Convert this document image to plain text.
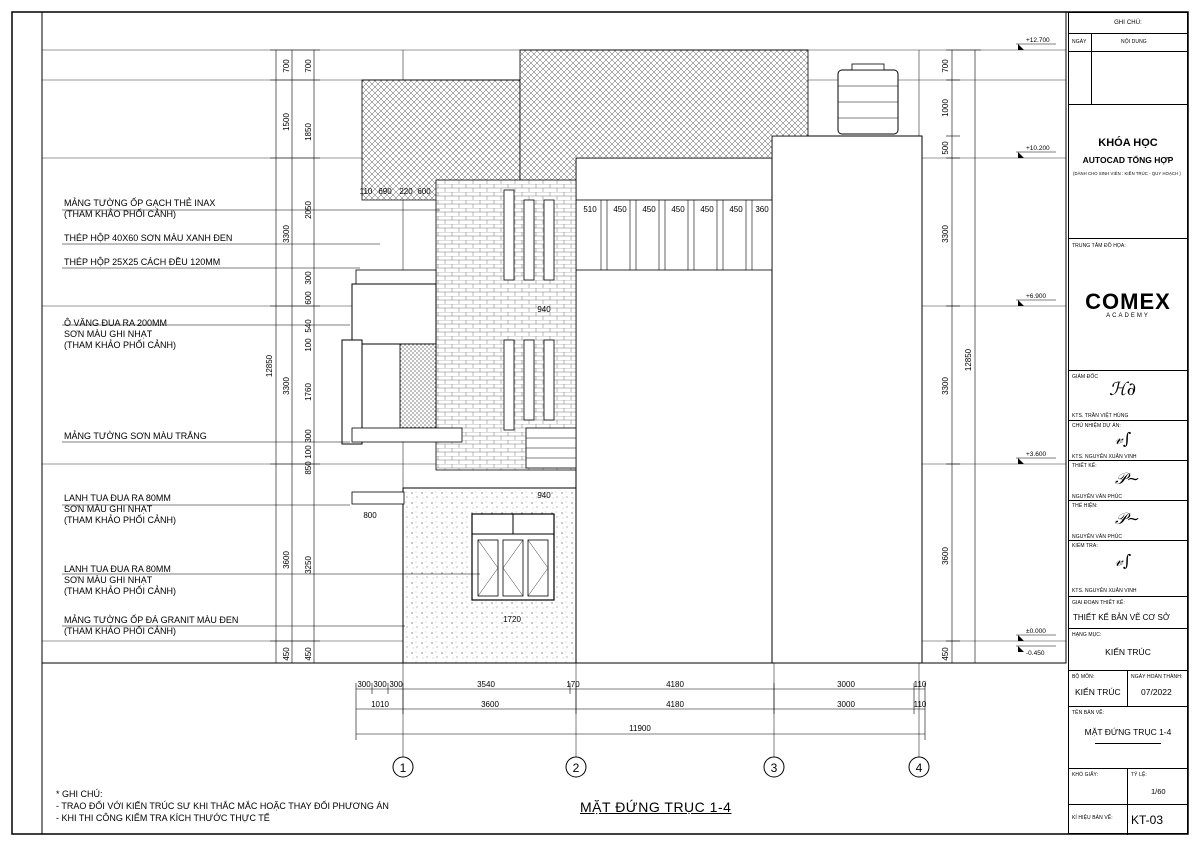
700
1500
3300
3300
3600
450
12850
700
1850
2050
300
600
540
100
1760
300
100
850
3250
450
700
1000
500
3300
3300
3600
450
12850
+12.700
+10.200
+6.900
+3.600
±0.000
-0.450
110 690 220 600
510 450 450 450 450 450 360
940
940
1720
800
300 300 300	3540	170	4180	3000	110
1010	3600	4180	3000	110
11900
1	2	3	4
MẢNG TƯỜNG ỐP GẠCH THẺ INAX
(THAM KHẢO PHỐI CẢNH)
THÉP HỘP 40X60 SƠN MÀU XANH ĐEN
THÉP HỘP 25X25 CÁCH ĐỀU 120MM
Ô VĂNG ĐUA RA 200MM
SƠN MÀU GHI NHẠT
(THAM KHẢO PHỐI CẢNH)
MẢNG TƯỜNG SƠN MÀU TRẮNG
LANH TUA ĐUA RA 80MM
SƠN MÀU GHI NHẠT
(THAM KHẢO PHỐI CẢNH)
LANH TUA ĐUA RA 80MM
SƠN MÀU GHI NHẠT
(THAM KHẢO PHỐI CẢNH)
MẢNG TƯỜNG ỐP ĐÁ GRANIT MÀU ĐEN
(THAM KHẢO PHỐI CẢNH)
* GHI CHÚ:
- TRAO ĐỔI VỚI KIẾN TRÚC SƯ KHI THẮC MẮC HOẶC THAY ĐỔI PHƯƠNG ÁN
- KHI THI CÔNG KIỂM TRA KÍCH THƯỚC THỰC TẾ
MẶT ĐỨNG TRỤC 1-4
GHI CHÚ:
NGÀY	NỘI DUNG
KHÓA HỌC
AUTOCAD TỔNG HỢP
(DÀNH CHO SINH VIÊN : KIẾN TRÚC - QUY HOẠCH )
TRUNG TÂM ĐỒ HỌA:
COMEX
ACADEMY
GIÁM ĐỐC
ℋ∂
KTS. TRẦN VIỆT HÙNG
CHỦ NHIỆM DỰ ÁN:
𝓋∫
KTS. NGUYỄN XUÂN VINH
THIẾT KẾ:
𝒫∼
NGUYỄN VĂN PHÚC
THỂ HIỆN:
𝒫∼
NGUYỄN VĂN PHÚC
KIỂM TRA:
𝓋∫
KTS. NGUYỄN XUÂN VINH
GIAI ĐOẠN THIẾT KẾ:
THIẾT KẾ BẢN VẼ CƠ SỞ
HẠNG MỤC:
KIẾN TRÚC
BỘ MÔN:
KIẾN TRÚC
NGÀY HOÀN THÀNH:
07/2022
TÊN BẢN VẼ:
MẶT ĐỨNG TRỤC 1-4
KHỔ GIẤY:	TỶ LỆ:
1/60
KÍ HIỆU BẢN VẼ: KT-03
